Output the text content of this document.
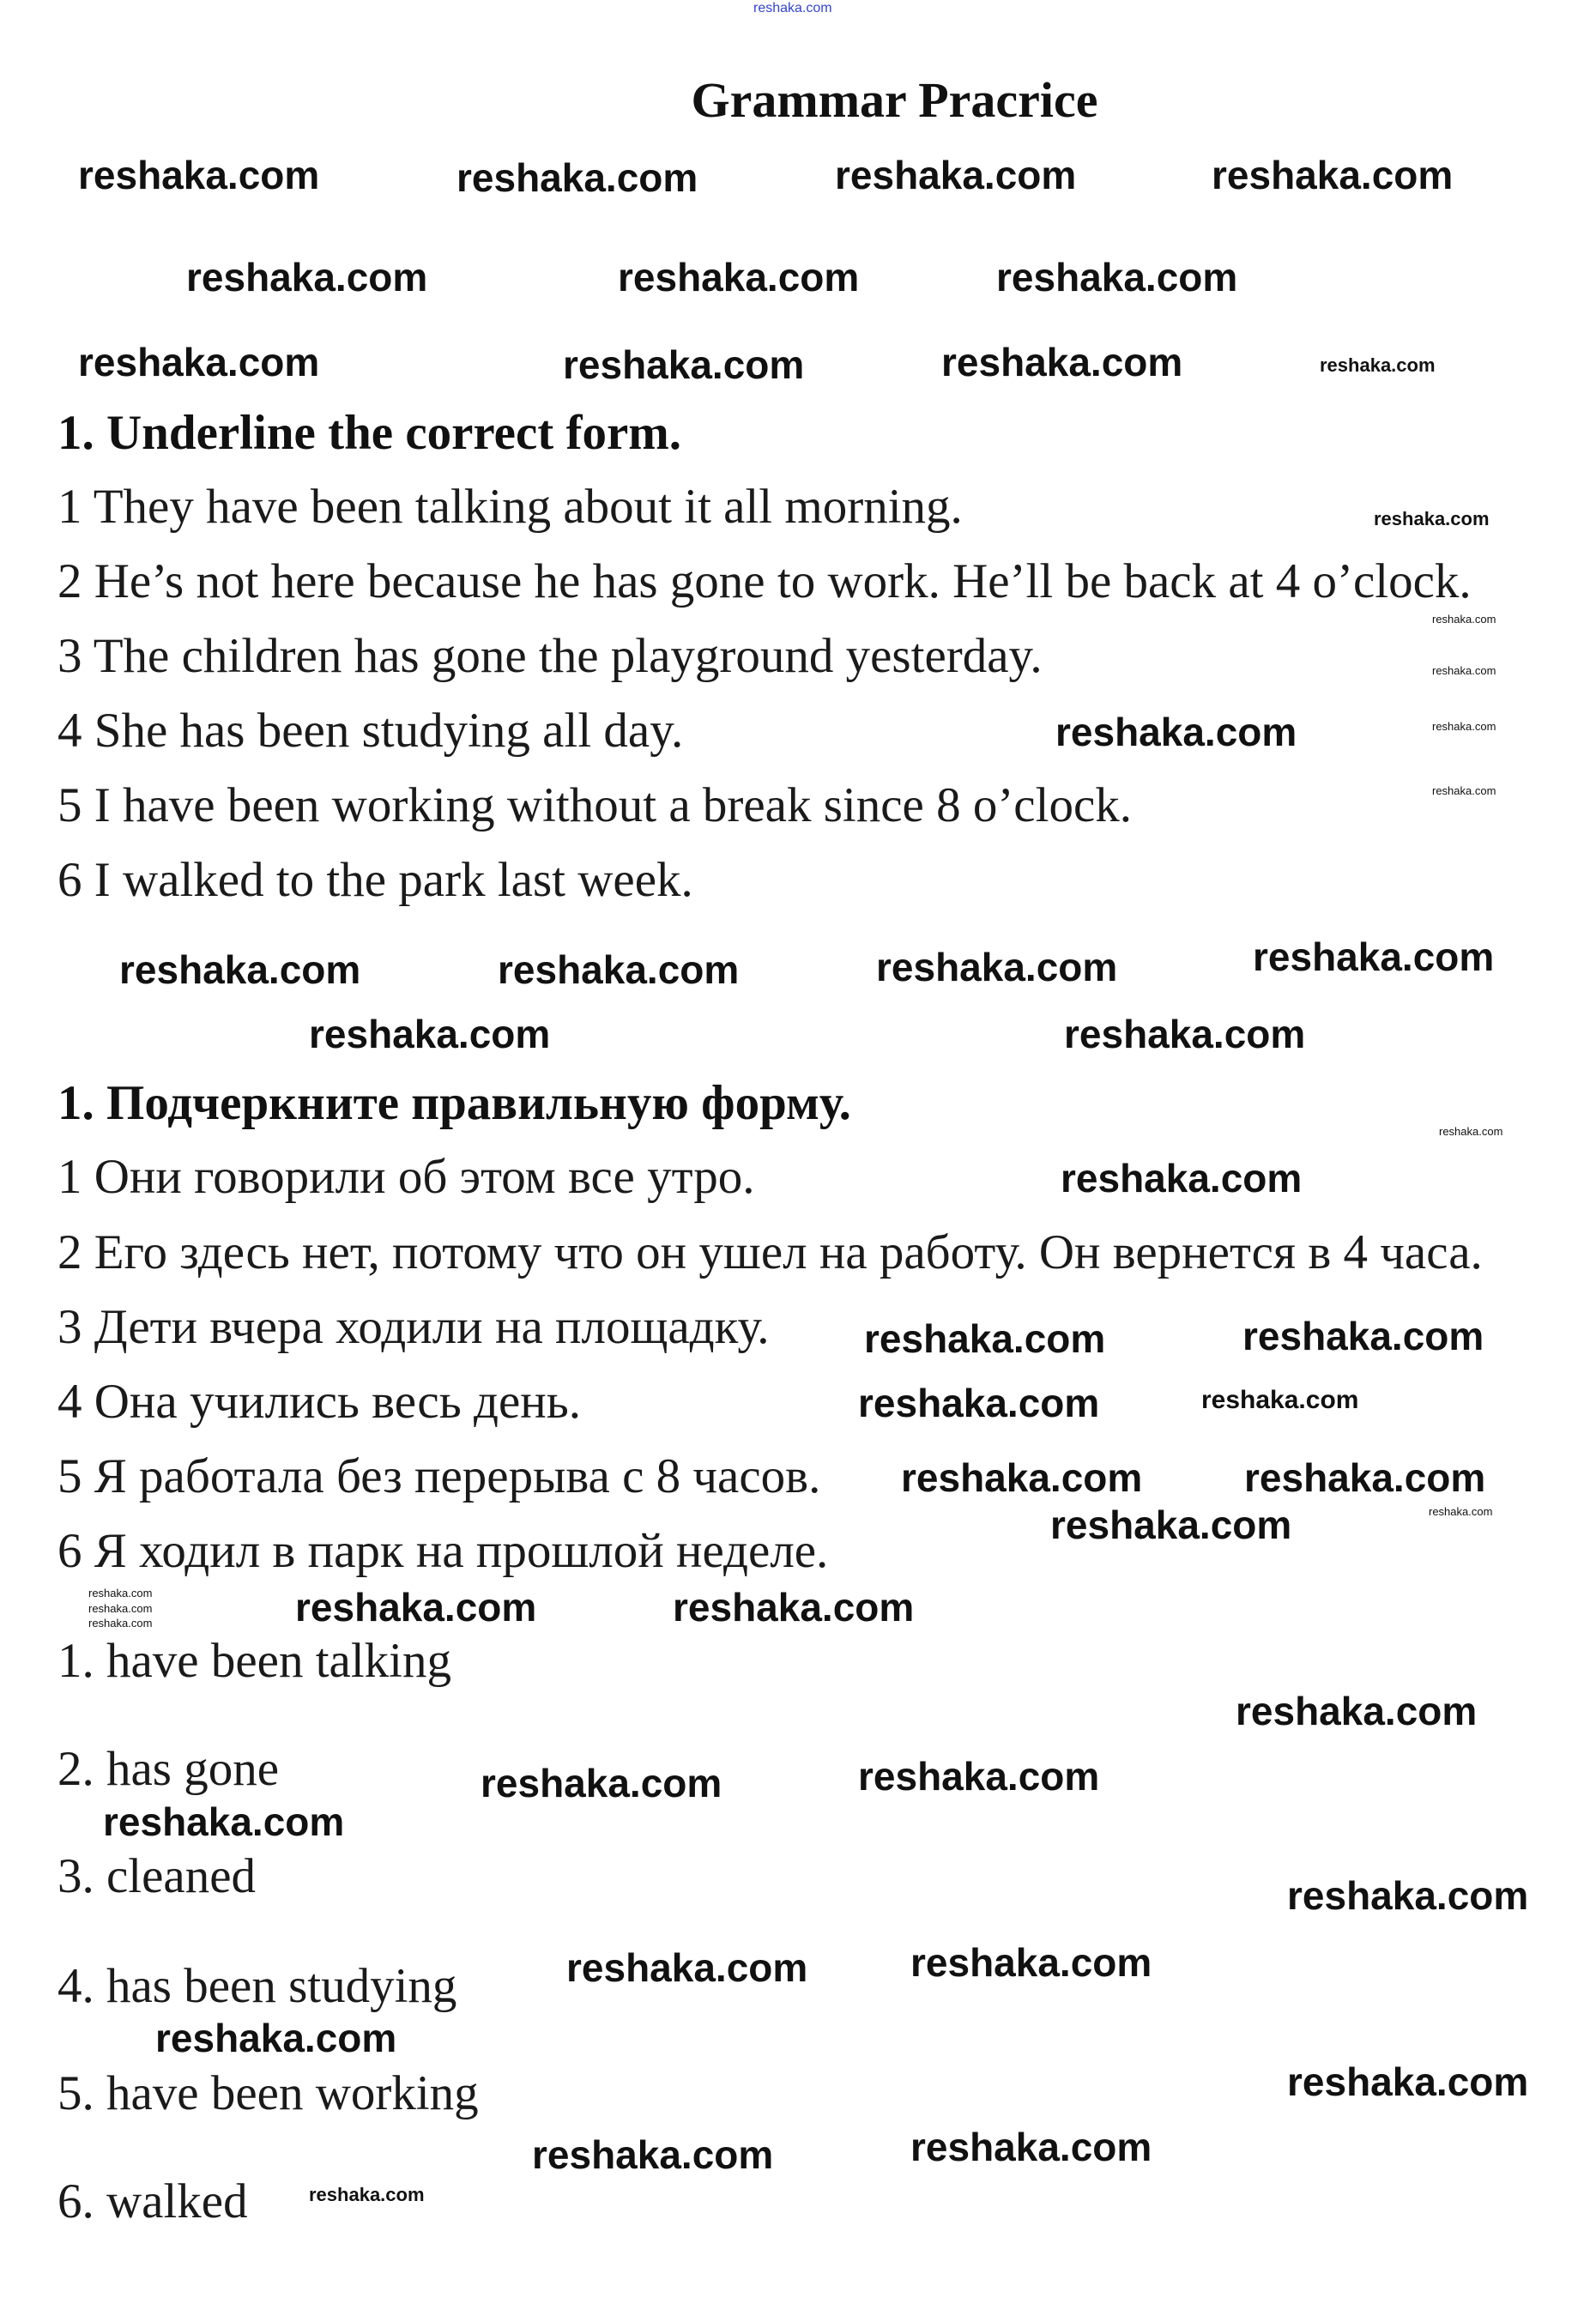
Grammar Pracrice
1. Underline the correct form.
1 They have been talking about it all morning.
2 He’s not here because he has gone to work. He’ll be back at 4 o’clock.
3 The children has gone the playground yesterday.
4 She has been studying all day.
5 I have been working without a break since 8 o’clock.
6 I walked to the park last week.
1. Подчеркните правильную форму.
1 Они говорили об этом все утро.
2 Его здесь нет, потому что он ушел на работу. Он вернется в 4 часа.
3 Дети вчера ходили на площадку.
4 Она учились весь день.
5 Я работала без перерыва с 8 часов.
6 Я ходил в парк на прошлой неделе.
1. have been talking
2. has gone
3. cleaned
4. has been studying
5. have been working
6. walked
reshaka.com
reshaka.com	reshaka.com	reshaka.com	reshaka.com
reshaka.com	reshaka.com	reshaka.com
reshaka.com	reshaka.com	reshaka.com	reshaka.com
reshaka.com
reshaka.com
reshaka.com
reshaka.com
reshaka.com
reshaka.com
reshaka.com	reshaka.com	reshaka.com	reshaka.com
reshaka.com	reshaka.com
reshaka.com
reshaka.com
reshaka.com	reshaka.com
reshaka.com	reshaka.com
reshaka.com	reshaka.com
reshaka.com
reshaka.com
reshaka.com
reshaka.com
reshaka.com	reshaka.com	reshaka.com
reshaka.com
reshaka.com	reshaka.com
reshaka.com
reshaka.com
reshaka.com	reshaka.com
reshaka.com
reshaka.com
reshaka.com	reshaka.com
reshaka.com
